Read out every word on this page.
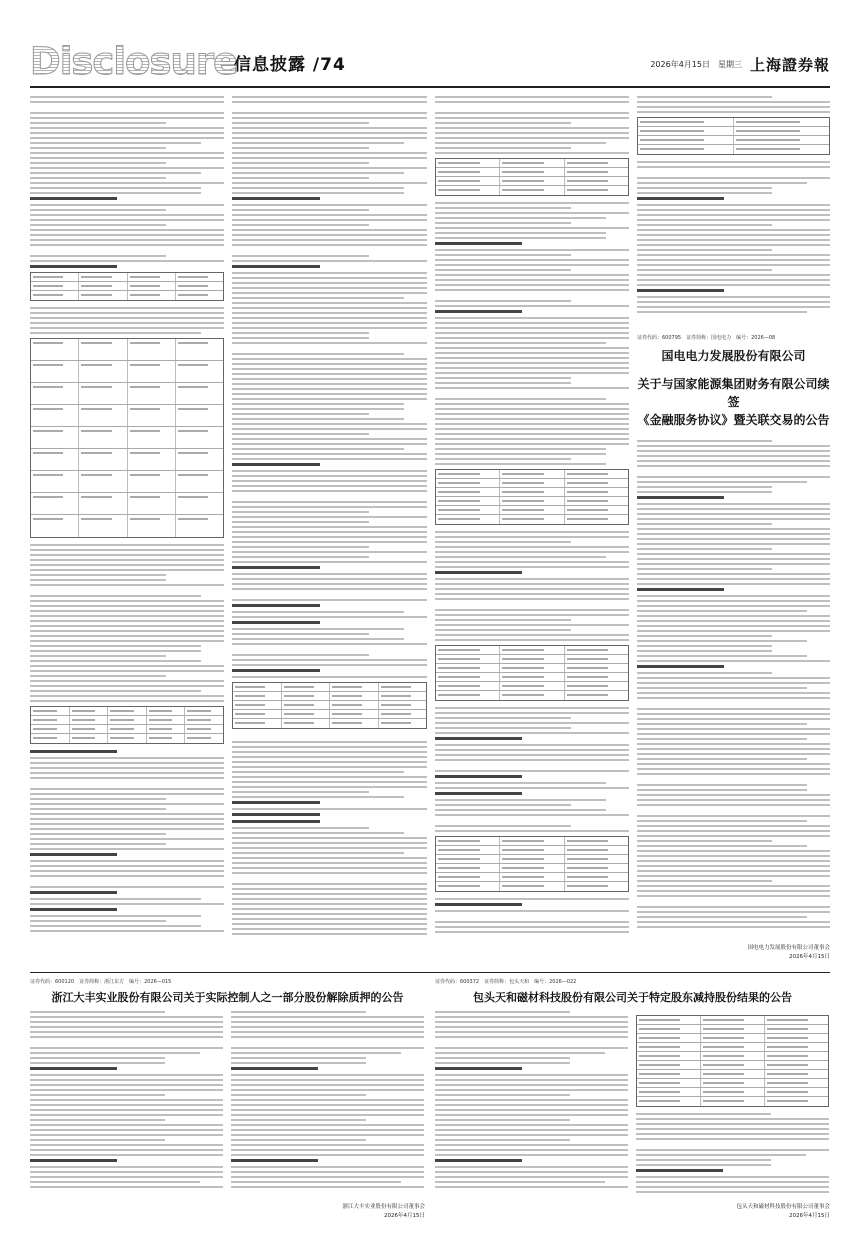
Disclosure
信息披露 /74	2026年4月15日 星期三 上海證券報
证券代码：600795　证券简称：国电电力　编号：2026—08
国电电力发展股份有限公司
关于与国家能源集团财务有限公司续签
《金融服务协议》暨关联交易的公告
国电电力发展股份有限公司董事会
2026年4月15日
证券代码：600120　证券简称：浙江东方　编号：2026—015
浙江大丰实业股份有限公司关于实际控制人之一部分股份解除质押的公告
浙江大丰实业股份有限公司董事会
2026年4月15日
证券代码：600372　证券简称：包头天和　编号：2026—022
包头天和磁材科技股份有限公司关于特定股东减持股份结果的公告
包头天和磁材科技股份有限公司董事会
2026年4月15日
